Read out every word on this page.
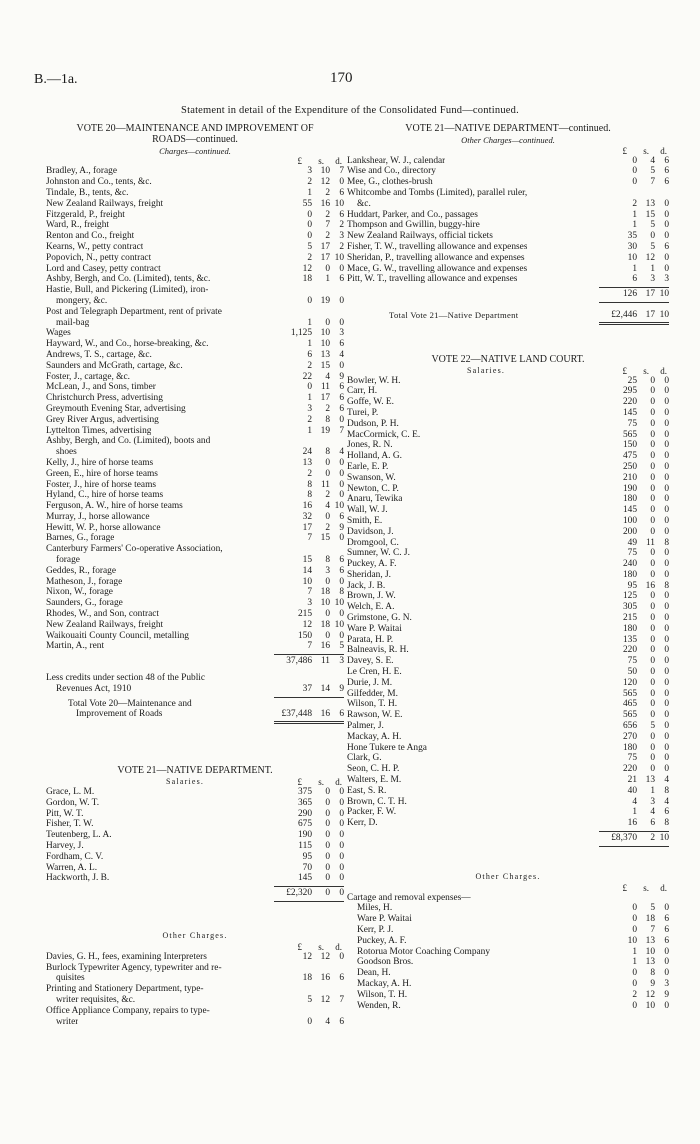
B.—1a.	170
Statement in detail of the Expenditure of the Consolidated Fund—continued.
VOTE 20—MAINTENANCE AND IMPROVEMENT OF
ROADS—continued.
Charges—continued.
£ s. d.
Bradley, A., forage	3 10 7
Johnston and Co., tents, &c.	2 12 0
Tindale, B., tents, &c.	1 2 6
New Zealand Railways, freight	55 16 10
Fitzgerald, P., freight	0 2 6
Ward, R., freight	0 7 2
Renton and Co., freight	0 2 3
Kearns, W., petty contract	5 17 2
Popovich, N., petty contract	2 17 10
Lord and Casey, petty contract	12 0 0
Ashby, Bergh, and Co. (Limited), tents, &c.	18 1 6
Hastie, Bull, and Pickering (Limited), iron-
mongery, &c.	0 19 0
Post and Telegraph Department, rent of private
mail-bag	1 0 0
Wages	1,125 10 3
Hayward, W., and Co., horse-breaking, &c.	1 10 6
Andrews, T. S., cartage, &c.	6 13 4
Saunders and McGrath, cartage, &c.	2 15 0
Foster, J., cartage, &c.	22 4 9
McLean, J., and Sons, timber	0 11 6
Christchurch Press, advertising	1 17 6
Greymouth Evening Star, advertising	3 2 6
Grey River Argus, advertising	2 8 0
Lyttelton Times, advertising	1 19 7
Ashby, Bergh, and Co. (Limited), boots and
shoes	24 8 4
Kelly, J., hire of horse teams	13 0 0
Green, E., hire of horse teams	2 0 0
Foster, J., hire of horse teams	8 11 0
Hyland, C., hire of horse teams	8 2 0
Ferguson, A. W., hire of horse teams	16 4 10
Murray, J., horse allowance	32 0 6
Hewitt, W. P., horse allowance	17 2 9
Barnes, G., forage	7 15 0
Canterbury Farmers' Co-operative Association,
forage	15 8 6
Geddes, R., forage	14 3 6
Matheson, J., forage	10 0 0
Nixon, W., forage	7 18 8
Saunders, G., forage	3 10 10
Rhodes, W., and Son, contract	215 0 0
New Zealand Railways, freight	12 18 10
Waikouaiti County Council, metalling	150 0 0
Martin, A., rent	7 16 5
37,486 11 3
Less credits under section 48 of the Public
Revenues Act, 1910	37 14 9
Total Vote 20—Maintenance and
Improvement of Roads	£37,448 16 6
VOTE 21—NATIVE DEPARTMENT.
Salaries.	£ s. d.
Grace, L. M.	375 0 0
Gordon, W. T.	365 0 0
Pitt, W. T.	290 0 0
Fisher, T. W.	675 0 0
Teutenberg, L. A.	190 0 0
Harvey, J.	115 0 0
Fordham, C. V.	95 0 0
Warren, A. L.	70 0 0
Hackworth, J. B.	145 0 0
£2,320 0 0
Other Charges.
£ s. d.
Davies, G. H., fees, examining Interpreters	12 12 0
Burlock Typewriter Agency, typewriter and re-
quisites	18 16 6
Printing and Stationery Department, type-
writer requisites, &c.	5 12 7
Office Appliance Company, repairs to type-
writer	0 4 6
VOTE 21—NATIVE DEPARTMENT—continued.
Other Charges—continued.
£ s. d.
Lankshear, W. J., calendar	0 4 6
Wise and Co., directory	0 5 6
Mee, G., clothes-brush	0 7 6
Whitcombe and Tombs (Limited), parallel ruler,
&c.	2 13 0
Huddart, Parker, and Co., passages	1 15 0
Thompson and Gwillin, buggy-hire	1 5 0
New Zealand Railways, official tickets	35 0 0
Fisher, T. W., travelling allowance and expenses	30 5 6
Sheridan, P., travelling allowance and expenses	10 12 0
Mace, G. W., travelling allowance and expenses	1 1 0
Pitt, W. T., travelling allowance and expenses	6 3 3
126 17 10
Total Vote 21—Native Department	£2,446 17 10
VOTE 22—NATIVE LAND COURT.
Salaries.	£ s. d.
Bowler, W. H.	25 0 0
Carr, H.	295 0 0
Goffe, W. E.	220 0 0
Turei, P.	145 0 0
Dudson, P. H.	75 0 0
MacCormick, C. E.	565 0 0
Jones, R. N.	150 0 0
Holland, A. G.	475 0 0
Earle, E. P.	250 0 0
Swanson, W.	210 0 0
Newton, C. P.	190 0 0
Anaru, Tewika	180 0 0
Wall, W. J.	145 0 0
Smith, E.	100 0 0
Davidson, J.	200 0 0
Dromgool, C.	49 11 8
Sumner, W. C. J.	75 0 0
Puckey, A. F.	240 0 0
Sheridan, J.	180 0 0
Jack, J. B.	95 16 8
Brown, J. W.	125 0 0
Welch, E. A.	305 0 0
Grimstone, G. N.	215 0 0
Ware P. Waitai	180 0 0
Parata, H. P.	135 0 0
Balneavis, R. H.	220 0 0
Davey, S. E.	75 0 0
Le Cren, H. E.	50 0 0
Durie, J. M.	120 0 0
Gilfedder, M.	565 0 0
Wilson, T. H.	465 0 0
Rawson, W. E.	565 0 0
Palmer, J.	656 5 0
Mackay, A. H.	270 0 0
Hone Tukere te Anga	180 0 0
Clark, G.	75 0 0
Seon, C. H. P.	220 0 0
Walters, E. M.	21 13 4
East, S. R.	40 1 8
Brown, C. T. H.	4 3 4
Packer, F. W.	1 4 6
Kerr, D.	16 6 8
£8,370 2 10
Other Charges.
£ s. d.
Cartage and removal expenses—
Miles, H.	0 5 0
Ware P. Waitai	0 18 6
Kerr, P. J.	0 7 6
Puckey, A. F.	10 13 6
Rotorua Motor Coaching Company	1 10 0
Goodson Bros.	1 13 0
Dean, H.	0 8 0
Mackay, A. H.	0 9 3
Wilson, T. H.	2 12 9
Wenden, R.	0 10 0
